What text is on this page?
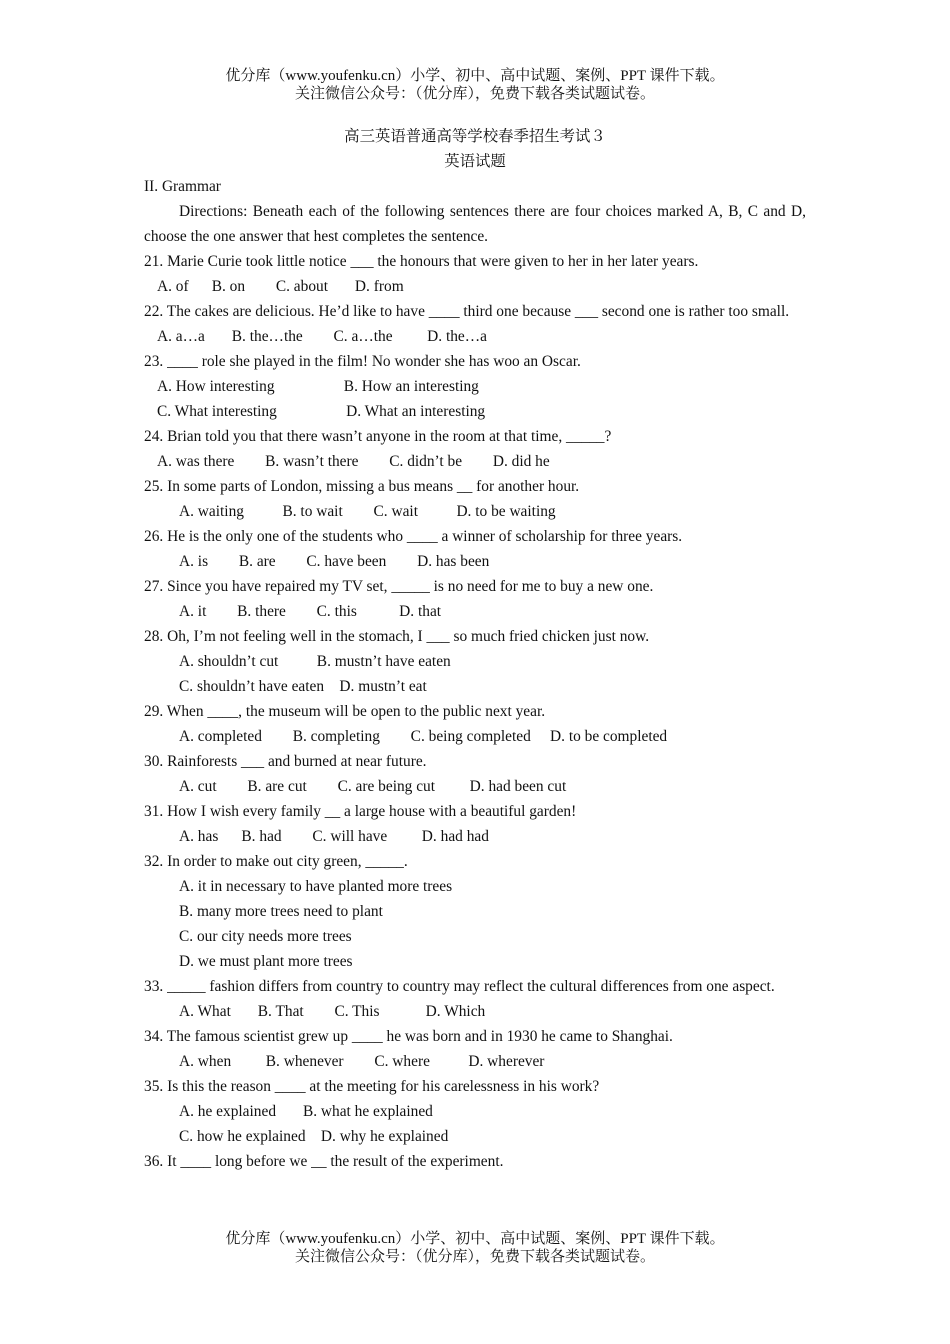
优分库（www.youfenku.cn）小学、初中、高中试题、案例、PPT 课件下载。
关注微信公众号：（优分库），免费下载各类试题试卷。
高三英语普通高等学校春季招生考试３
英语试题
II. Grammar
Directions: Beneath each of the following sentences there are four choices marked A, B, C and D, choose the one answer that hest completes the sentence.
21. Marie Curie took little notice ___ the honours that were given to her in her later years.
A. of      B. on        C. about       D. from
22. The cakes are delicious. He’d like to have ____ third one because ___ second one is rather too small.
A. a…a       B. the…the        C. a…the         D. the…a
23. ____ role she played in the film! No wonder she has woo an Oscar.
A. How interesting                  B. How an interesting
C. What interesting                  D. What an interesting
24. Brian told you that there wasn’t anyone in the room at that time, _____?
A. was there        B. wasn’t there        C. didn’t be        D. did he
25. In some parts of London, missing a bus means __ for another hour.
A. waiting          B. to wait        C. wait          D. to be waiting
26. He is the only one of the students who ____ a winner of scholarship for three years.
A. is        B. are        C. have been        D. has been
27. Since you have repaired my TV set, _____ is no need for me to buy a new one.
A. it        B. there        C. this           D. that
28. Oh, I’m not feeling well in the stomach, I ___ so much fried chicken just now.
A. shouldn’t cut          B. mustn’t have eaten
C. shouldn’t have eaten    D. mustn’t eat
29. When ____, the museum will be open to the public next year.
A. completed        B. completing        C. being completed     D. to be completed
30. Rainforests ___ and burned at near future.
A. cut        B. are cut        C. are being cut         D. had been cut
31. How I wish every family __ a large house with a beautiful garden!
A. has      B. had        C. will have         D. had had
32. In order to make out city green, _____.
A. it in necessary to have planted more trees
B. many more trees need to plant
C. our city needs more trees
D. we must plant more trees
33. _____ fashion differs from country to country may reflect the cultural differences from one aspect.
A. What       B. That        C. This            D. Which
34. The famous scientist grew up ____ he was born and in 1930 he came to Shanghai.
A. when         B. whenever        C. where          D. wherever
35. Is this the reason ____ at the meeting for his carelessness in his work?
A. he explained       B. what he explained
C. how he explained    D. why he explained
36. It ____ long before we __ the result of the experiment.
优分库（www.youfenku.cn）小学、初中、高中试题、案例、PPT 课件下载。
关注微信公众号：（优分库），免费下载各类试题试卷。
